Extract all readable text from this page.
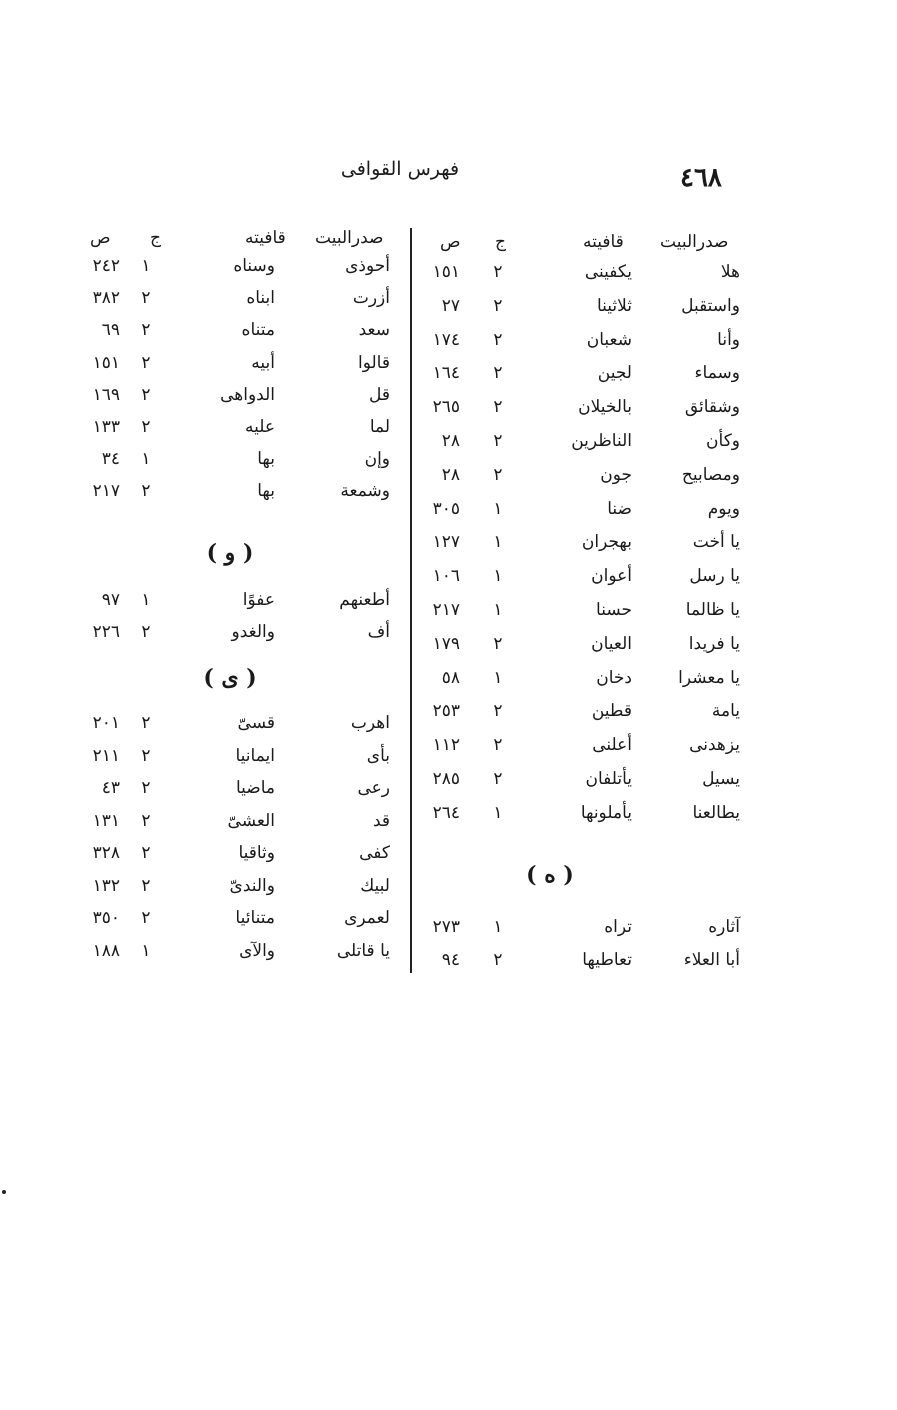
٤٦٨
فهرس القوافى
صدرالبيت
قافيته
ج
ص
صدرالبيت
قافيته
ج
ص
( ه )
( و )
( ى )
هلا
يكفينى
٢
١٥١
واستقبل
ثلاثينا
٢
٢٧
وأنا
شعبان
٢
١٧٤
وسماء
لجين
٢
١٦٤
وشقائق
بالخيلان
٢
٢٦٥
وكأن
الناظرين
٢
٢٨
ومصابيح
جون
٢
٢٨
ويوم
ضنا
١
٣٠٥
يا أخت
بهجران
١
١٢٧
يا رسل
أعوان
١
١٠٦
يا ظالما
حسنا
١
٢١٧
يا فريدا
العيان
٢
١٧٩
يا معشرا
دخان
١
٥٨
يامة
قطين
٢
٢٥٣
يزهدنى
أعلنى
٢
١١٢
يسيل
يأتلفان
٢
٢٨٥
يطالعنا
يأملونها
١
٢٦٤
آثاره
تراه
١
٢٧٣
أبا العلاء
تعاطيها
٢
٩٤
أحوذى
وسناه
١
٢٤٢
أزرت
ابناه
٢
٣٨٢
سعد
متناه
٢
٦٩
قالوا
أبيه
٢
١٥١
قل
الدواهى
٢
١٦٩
لما
عليه
٢
١٣٣
وإن
بها
١
٣٤
وشمعة
بها
٢
٢١٧
أطعنهم
عفوًا
١
٩٧
أف
والغدو
٢
٢٢٦
اهرب
قسىّ
٢
٢٠١
بأى
ايمانيا
٢
٢١١
رعى
ماضيا
٢
٤٣
قد
العشىّ
٢
١٣١
كفى
وثاقيا
٢
٣٢٨
لبيك
والندىّ
٢
١٣٢
لعمرى
متنائيا
٢
٣٥٠
يا قاتلى
والآى
١
١٨٨
